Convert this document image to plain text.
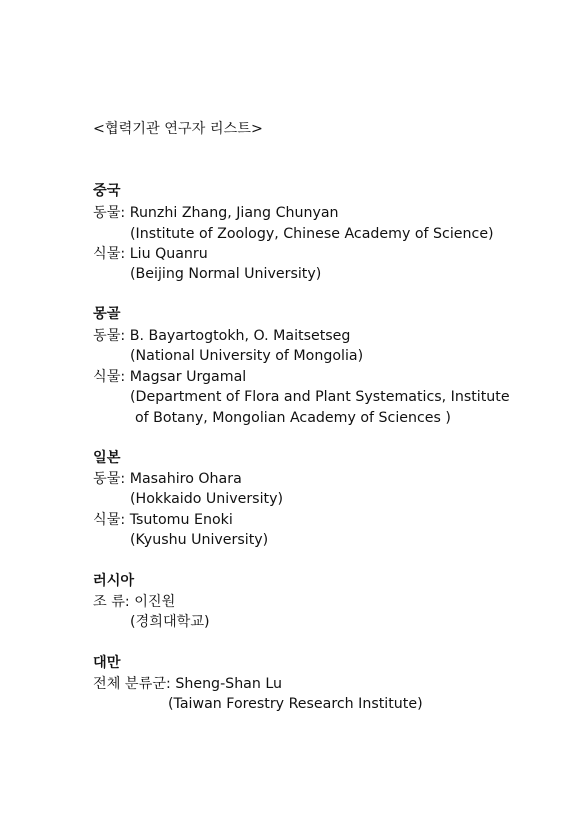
<협력기관 연구자 리스트>
중국
동물: Runzhi Zhang, Jiang Chunyan
(Institute of Zoology, Chinese Academy of Science)
식물: Liu Quanru
(Beijing Normal University)
몽골
동물: B. Bayartogtokh, O. Maitsetseg
(National University of Mongolia)
식물: Magsar Urgamal
(Department of Flora and Plant Systematics, Institute
of Botany, Mongolian Academy of Sciences )
일본
동물: Masahiro Ohara
(Hokkaido University)
식물: Tsutomu Enoki
(Kyushu University)
러시아
조 류: 이진원
(경희대학교)
대만
전체 분류군: Sheng-Shan Lu
(Taiwan Forestry Research Institute)
